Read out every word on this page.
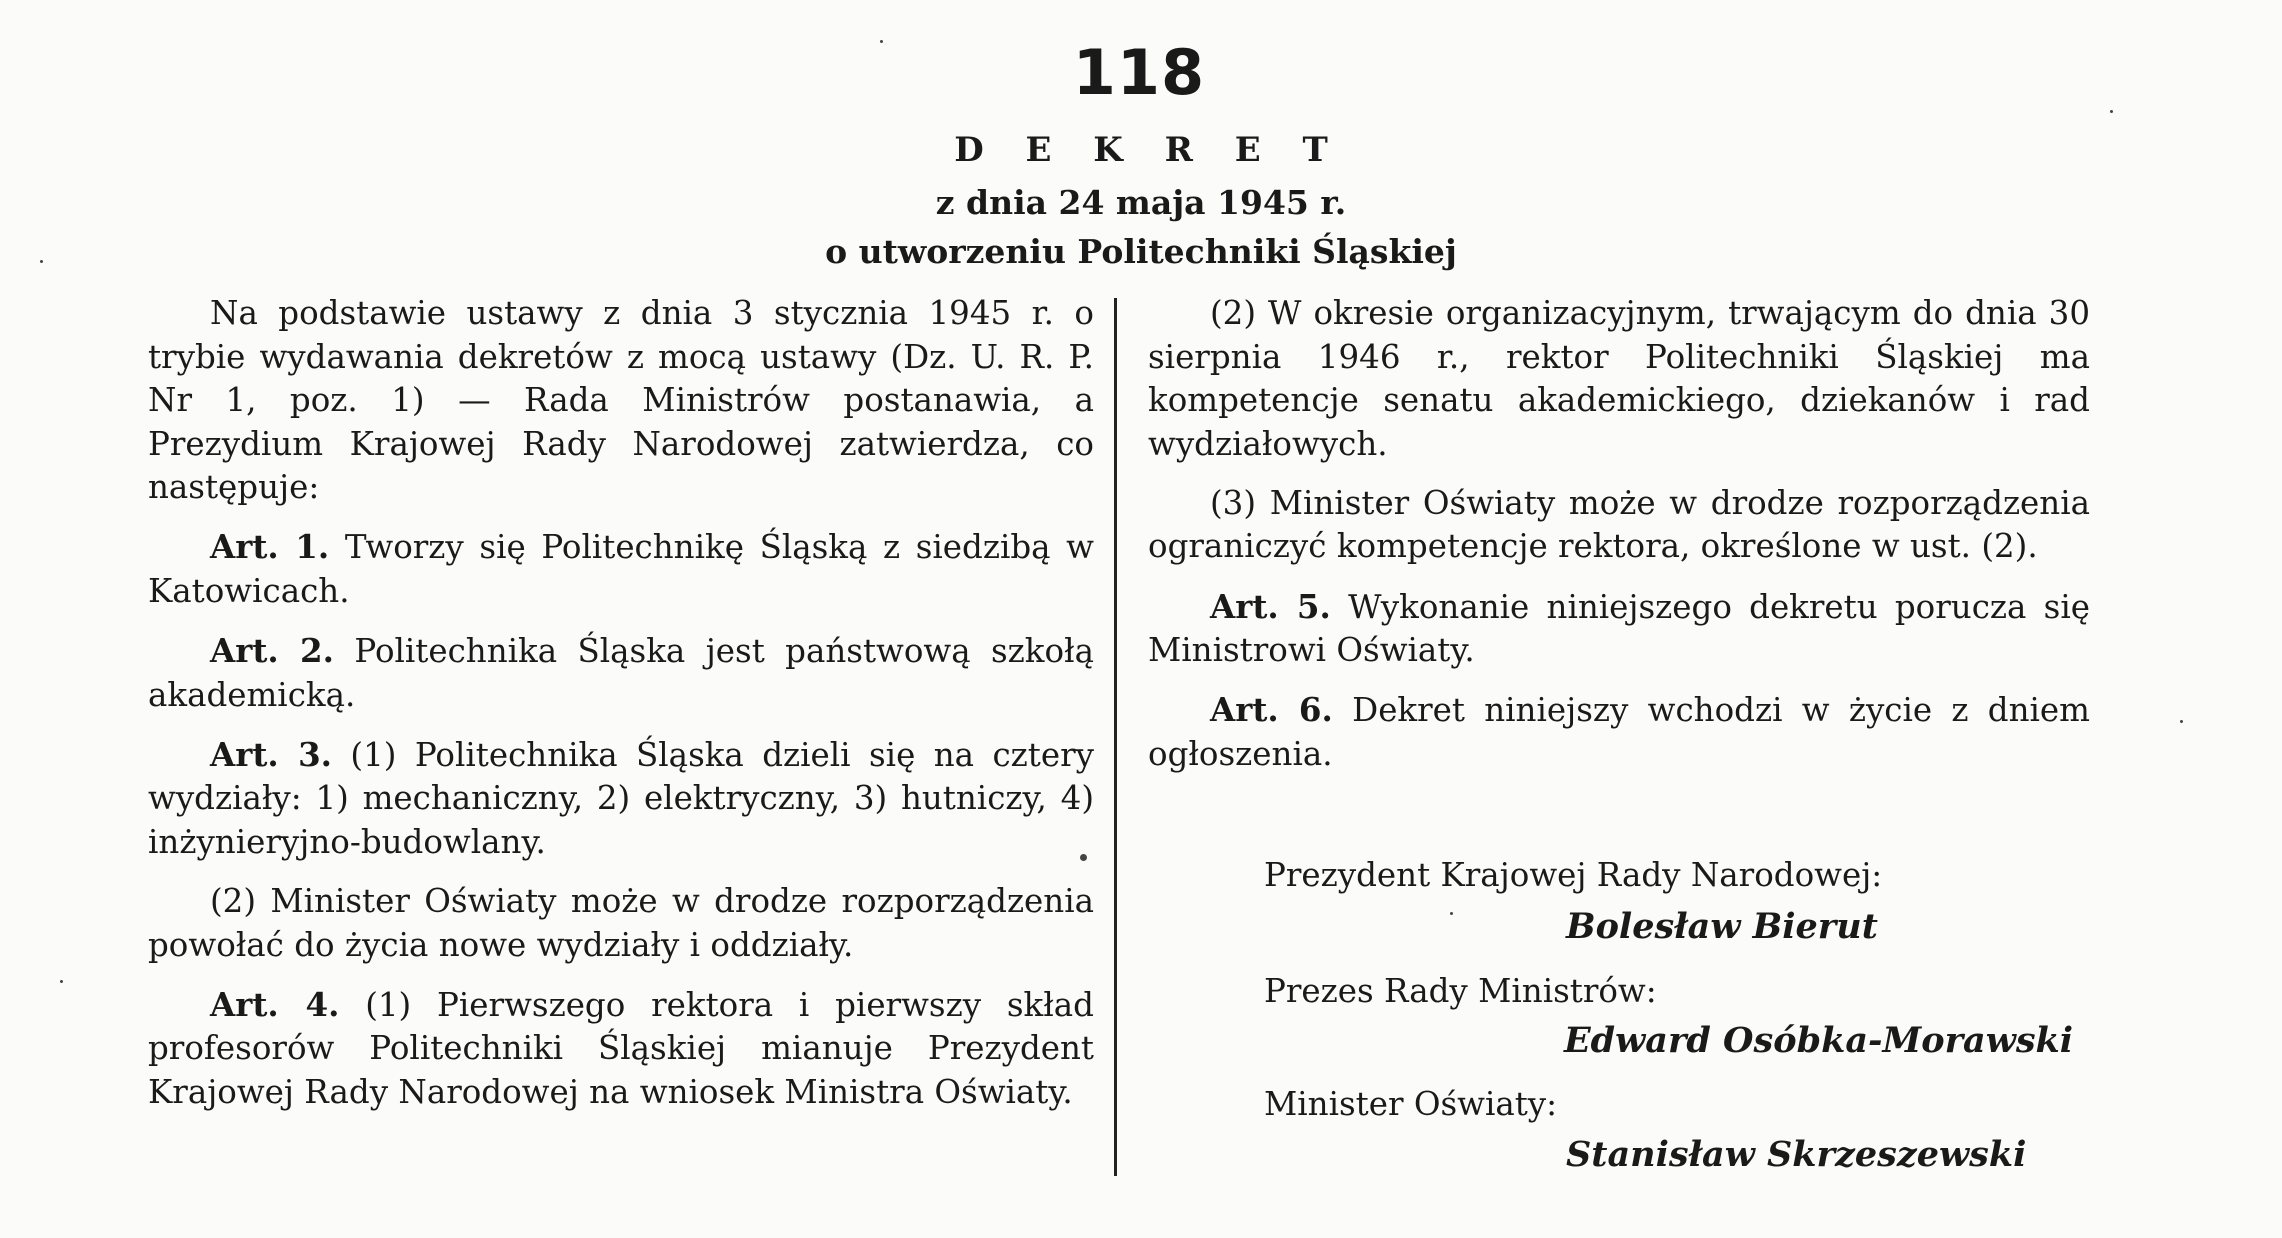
118
D E K R E T
z dnia 24 maja 1945 r.
o utworzeniu Politechniki Śląskiej

Na podstawie ustawy z dnia 3 stycznia 1945 r. o trybie wydawania dekretów z mocą ustawy (Dz. U. R. P. Nr 1, poz. 1) — Rada Ministrów postanawia, a Prezydium Krajowej Rady Narodowej zatwierdza, co następuje:

Art. 1. Tworzy się Politechnikę Śląską z siedzibą w Katowicach.

Art. 2. Politechnika Śląska jest państwową szkołą akademicką.

Art. 3. (1) Politechnika Śląska dzieli się na cztery wydziały: 1) mechaniczny, 2) elektryczny, 3) hutniczy, 4) inżynieryjno-budowlany.

(2) Minister Oświaty może w drodze rozporządzenia powołać do życia nowe wydziały i oddziały.

Art. 4. (1) Pierwszego rektora i pierwszy skład profesorów Politechniki Śląskiej mianuje Prezydent Krajowej Rady Narodowej na wniosek Ministra Oświaty.

(2) W okresie organizacyjnym, trwającym do dnia 30 sierpnia 1946 r., rektor Politechniki Śląskiej ma kompetencje senatu akademickiego, dziekanów i rad wydziałowych.

(3) Minister Oświaty może w drodze rozporządzenia ograniczyć kompetencje rektora, określone w ust. (2).

Art. 5. Wykonanie niniejszego dekretu porucza się Ministrowi Oświaty.

Art. 6. Dekret niniejszy wchodzi w życie z dniem ogłoszenia.

Prezydent Krajowej Rady Narodowej:
Bolesław Bierut
Prezes Rady Ministrów:
Edward Osóbka-Morawski
Minister Oświaty:
Stanisław Skrzeszewski
